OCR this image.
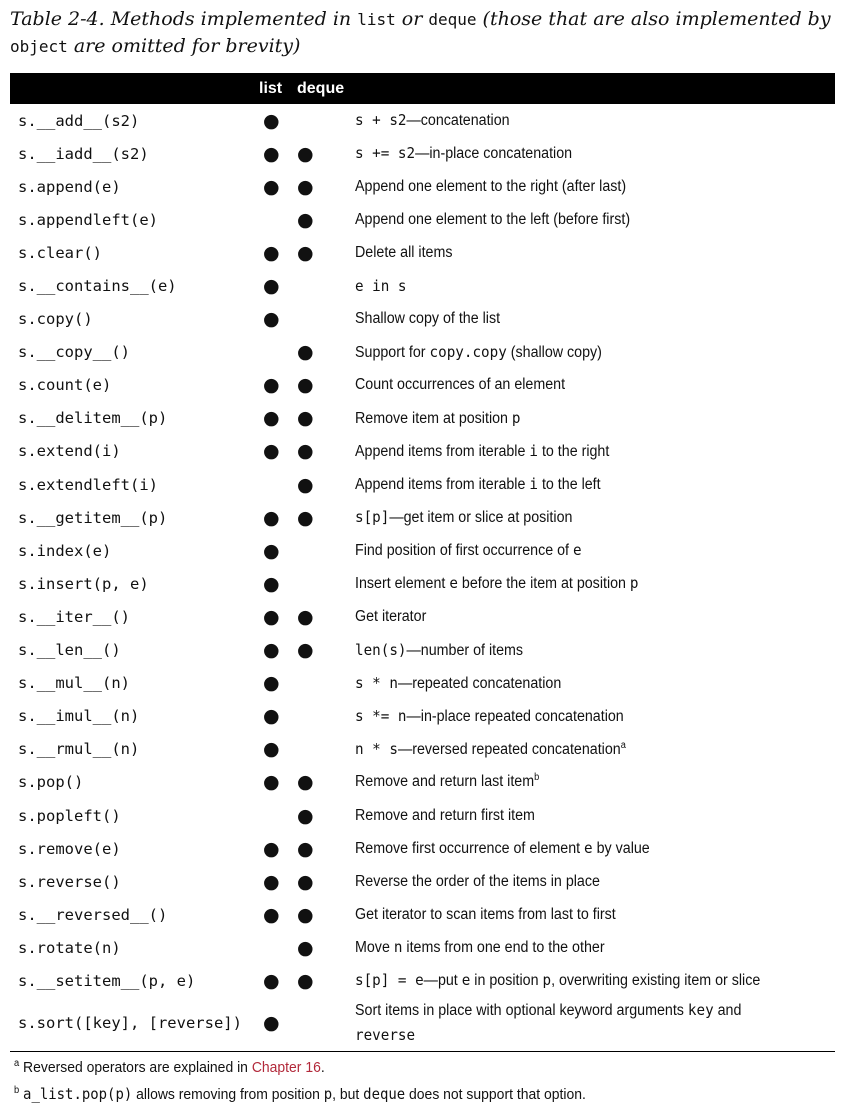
Table 2-4. Methods implemented in list or deque (those that are also implemented by
object are omitted for brevity)
	list	deque	
s.__add__(s2)	●		s + s2—concatenation
s.__iadd__(s2)	●	●	s += s2—in-place concatenation
s.append(e)	●	●	Append one element to the right (after last)
s.appendleft(e)		●	Append one element to the left (before first)
s.clear()	●	●	Delete all items
s.__contains__(e)	●		e in s
s.copy()	●		Shallow copy of the list
s.__copy__()		●	Support for copy.copy (shallow copy)
s.count(e)	●	●	Count occurrences of an element
s.__delitem__(p)	●	●	Remove item at position p
s.extend(i)	●	●	Append items from iterable i to the right
s.extendleft(i)		●	Append items from iterable i to the left
s.__getitem__(p)	●	●	s[p]—get item or slice at position
s.index(e)	●		Find position of first occurrence of e
s.insert(p, e)	●		Insert element e before the item at position p
s.__iter__()	●	●	Get iterator
s.__len__()	●	●	len(s)—number of items
s.__mul__(n)	●		s * n—repeated concatenation
s.__imul__(n)	●		s *= n—in-place repeated concatenation
s.__rmul__(n)	●		n * s—reversed repeated concatenation$^a$
s.pop()	●	●	Remove and return last item$^b$
s.popleft()		●	Remove and return first item
s.remove(e)	●	●	Remove first occurrence of element e by value
s.reverse()	●	●	Reverse the order of the items in place
s.__reversed__()	●	●	Get iterator to scan items from last to first
s.rotate(n)		●	Move n items from one end to the other
s.__setitem__(p, e)	●	●	s[p] = e—put e in position p, overwriting existing item or slice
s.sort([key], [reverse])	●		Sort items in place with optional keyword arguments key and reverse
$^a$ Reversed operators are explained in Chapter 16.
$^b$ a_list.pop(p) allows removing from position p, but deque does not support that option.
